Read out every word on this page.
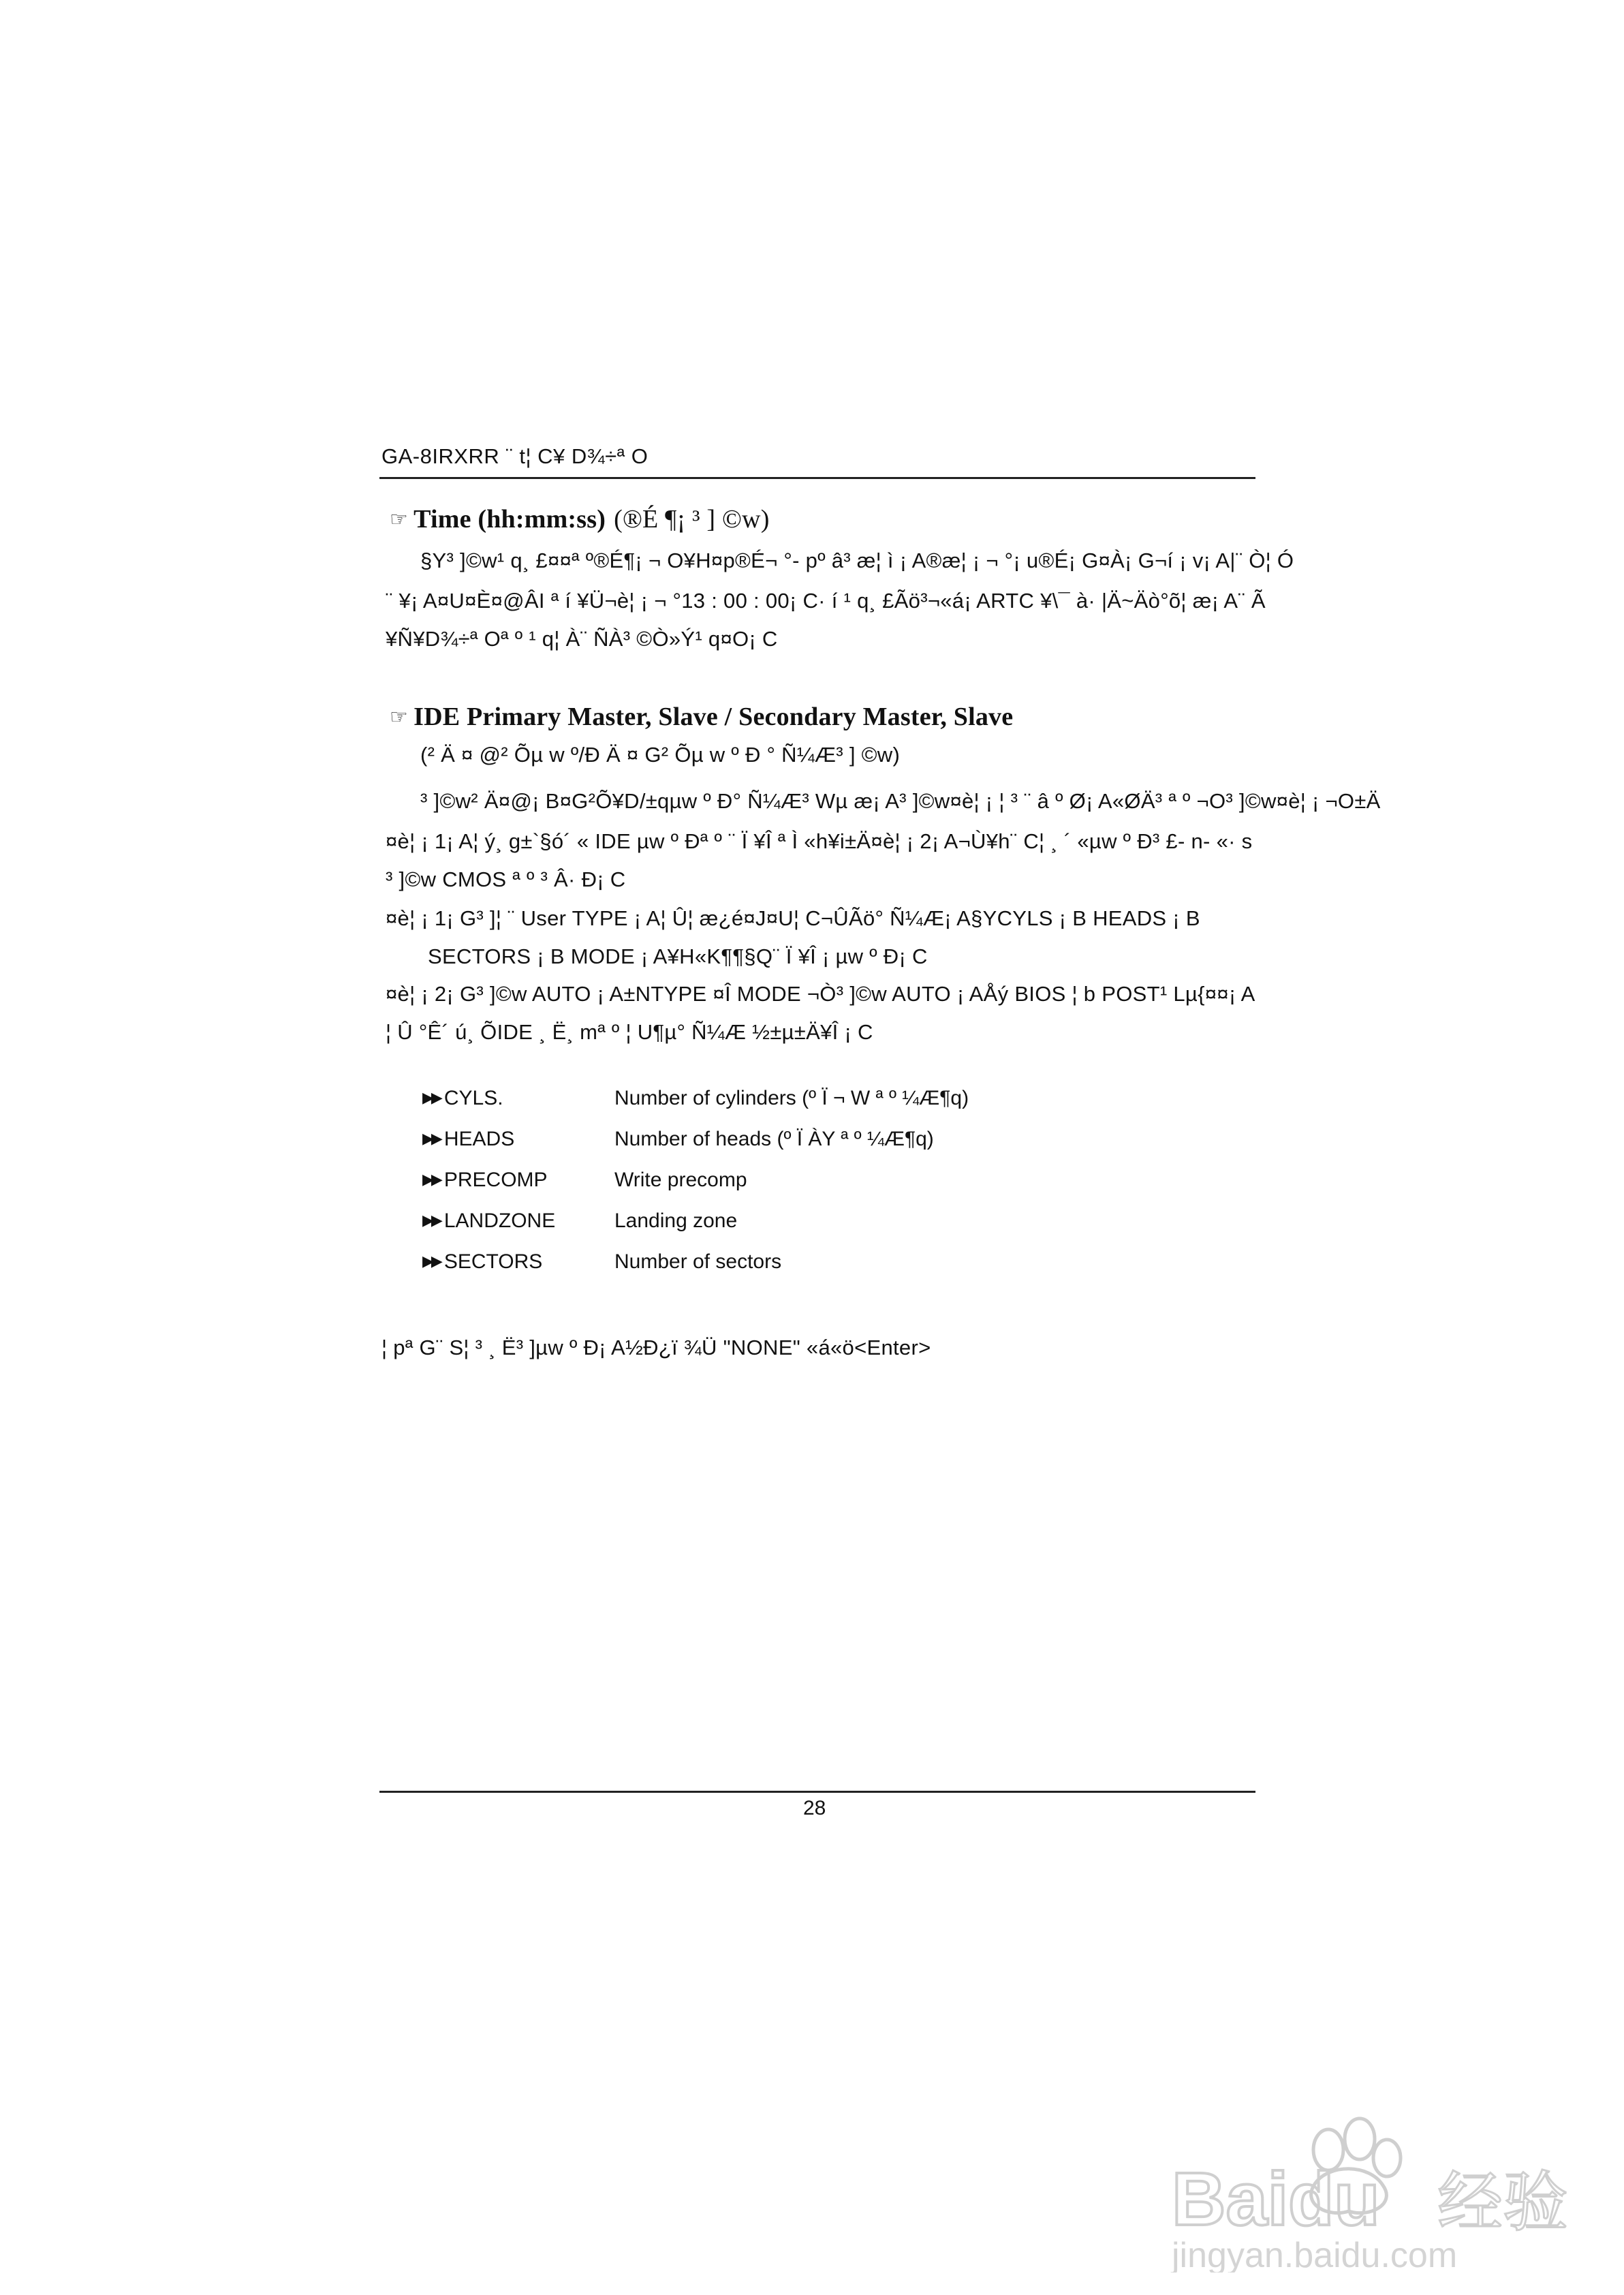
GA-8IRXRR ¨ t¦ C¥ D¾÷ª O
☞ Time (hh:mm:ss) (®É ¶¡ ³ ] ©w)
§Y³ ]©w¹ q¸ £¤¤ª º®É¶¡ ¬ O¥H¤p®É¬ °- pº â³ æ¦ ì ¡ A®æ¦ ¡ ¬ °¡ u®É¡ G¤À¡ G¬í ¡ v¡ A|¨ Ò¦ Ó
¨ ¥¡ A¤U¤È¤@ÂI ª í ¥Ü¬è¦ ¡ ¬ °13 : 00 : 00¡ C· í ¹ q¸ £Ãö³¬«á¡ ARTC ¥\¯ à· |Ä~Äò°õ¦ æ¡ A¨ Ã
¥Ñ¥D¾÷ª Oª º ¹ q¦ À¨ ÑÀ³ ©Ò»Ý¹ q¤O¡ C
☞ IDE Primary Master, Slave / Secondary Master, Slave
(² Ä ¤ @² Õµ w º/Ð Ä ¤ G² Õµ w º Ð ° Ñ¼Æ³ ] ©w)
³ ]©w² Ä¤@¡ B¤G²Õ¥D/±qµw º Ð° Ñ¼Æ³ Wµ æ¡ A³ ]©w¤è¦ ¡ ¦ ³ ¨ â º Ø¡ A«ØÄ³ ª º ¬O³ ]©w¤è¦ ¡ ¬O±Ä
¤è¦ ¡ 1¡ A¦ ý¸ g±`§ó´ « IDE µw º Ðª º ¨ Ï ¥Î ª Ì «h¥i±Ä¤è¦ ¡ 2¡ A¬Ù¥h¨ C¦ ¸ ´ «µw º Ð³ £- n- «· s
³ ]©w CMOS ª º ³ Â· Ð¡ C
¤è¦ ¡ 1¡ G³ ]¦ ¨ User TYPE ¡ A¦ Û¦ æ¿é¤J¤U¦ C¬ÛÃö° Ñ¼Æ¡ A§YCYLS ¡ B HEADS ¡ B
SECTORS ¡ B MODE ¡ A¥H«K¶¶§Q¨ Ï ¥Î ¡ µw º Ð¡ C
¤è¦ ¡ 2¡ G³ ]©w AUTO ¡ A±NTYPE ¤Î MODE ¬Ò³ ]©w AUTO ¡ AÅý BIOS ¦ b POST¹ Lµ{¤¤¡ A
¦ Û °Ê´ ú¸ ÕIDE ¸ Ë¸ mª º ¦ U¶µ° Ñ¼Æ ½±µ±Ä¥Î ¡ C
▶▶ CYLS.	Number of cylinders (º Ï ¬ W ª º ¼Æ¶q)
▶▶ HEADS	Number of heads (º Ï ÀY ª º ¼Æ¶q)
▶▶ PRECOMP	Write precomp
▶▶ LANDZONE	Landing zone
▶▶ SECTORS	Number of sectors
¦ pª G¨ S¦ ³ ¸ Ë³ ]µw º Ð¡ A½Ð¿ï ¾Ü "NONE" «á«ö<Enter>
28
Baidu 经验
jingyan.baidu.com
